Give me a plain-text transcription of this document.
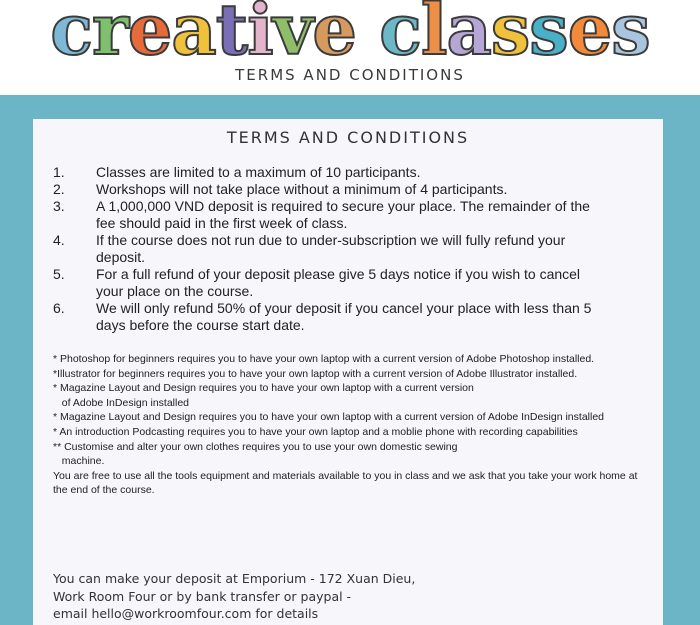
creative classes
TERMS AND CONDITIONS
TERMS AND CONDITIONS
1.	Classes are limited to a maximum of 10 participants.
2.	Workshops will not take place without a minimum of 4 participants.
3.	A 1,000,000 VND deposit is required to secure your place. The remainder of the fee should paid in the first week of class.
4.	If the course does not run due to under-subscription we will fully refund your deposit.
5.	For a full refund of your deposit please give 5 days notice if you wish to cancel your place on the course.
6.	We will only refund 50% of your deposit if you cancel your place with less than 5 days before the course start date.
* Photoshop for beginners requires you to have your own laptop with a current version of Adobe Photoshop installed.
*Illustrator for beginners requires you to have your own laptop with a current version of Adobe Illustrator installed.
* Magazine Layout and Design requires you to have your own laptop with a current version
of Adobe InDesign installed
* Magazine Layout and Design requires you to have your own laptop with a current version of Adobe InDesign installed
* An introduction Podcasting requires you to have your own laptop and a moblie phone with recording capabilities
** Customise and alter your own clothes requires you to use your own domestic sewing
machine.
You are free to use all the tools equipment and materials available to you in class and we ask that you take your work home at the end of the course.
You can make your deposit at Emporium - 172 Xuan Dieu,
Work Room Four or by bank transfer or paypal -
email hello@workroomfour.com for details
